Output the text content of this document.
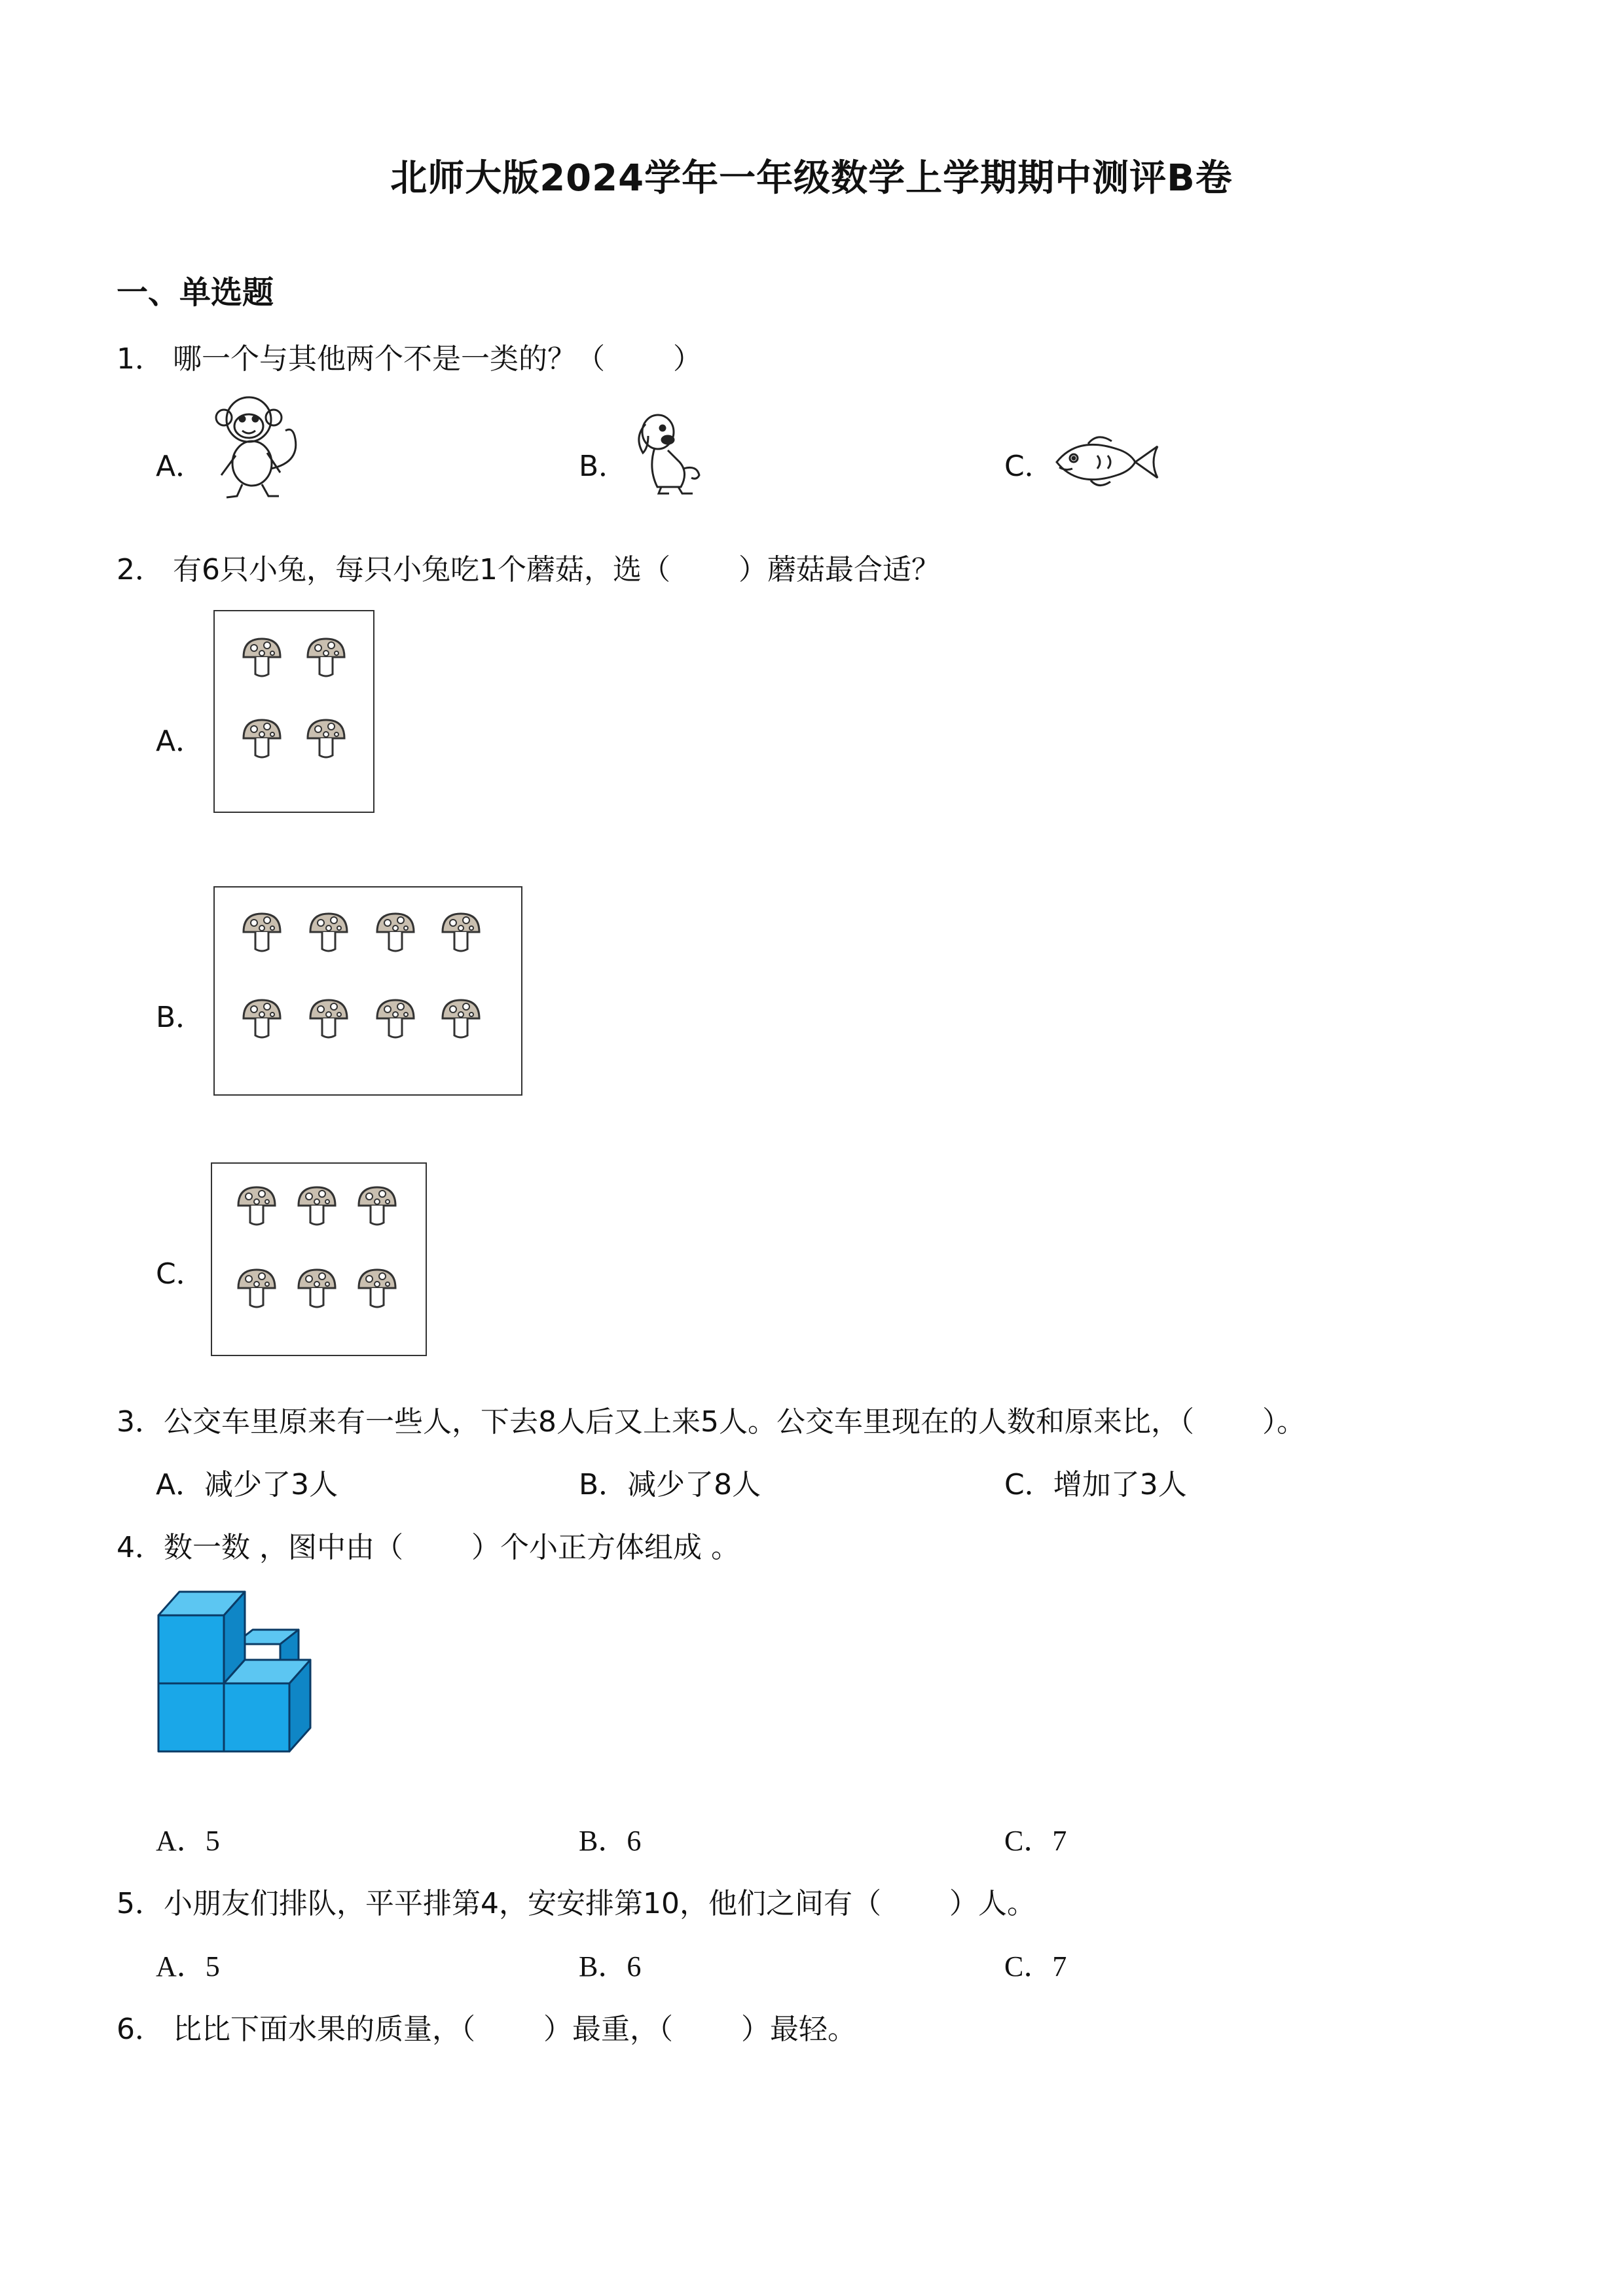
北师大版2024学年一年级数学上学期期中测评B卷
一、单选题
1． 哪一个与其他两个不是一类的？（ ）
A．	B．	C．
2． 有6只小兔，每只小兔吃1个蘑菇，选（ ）蘑菇最合适？
A．
B．
C．
3．公交车里原来有一些人，下去8人后又上来5人。公交车里现在的人数和原来比，（ ）。
A．减少了3人	B．减少了8人	C．增加了3人
4．数一数 ，图中由（ ）个小正方体组成 。
A．5	B．6	C．7
5．小朋友们排队，平平排第4，安安排第10，他们之间有（ ）人。
A．5	B．6	C．7
6． 比比下面水果的质量，（ ）最重，（ ）最轻。
